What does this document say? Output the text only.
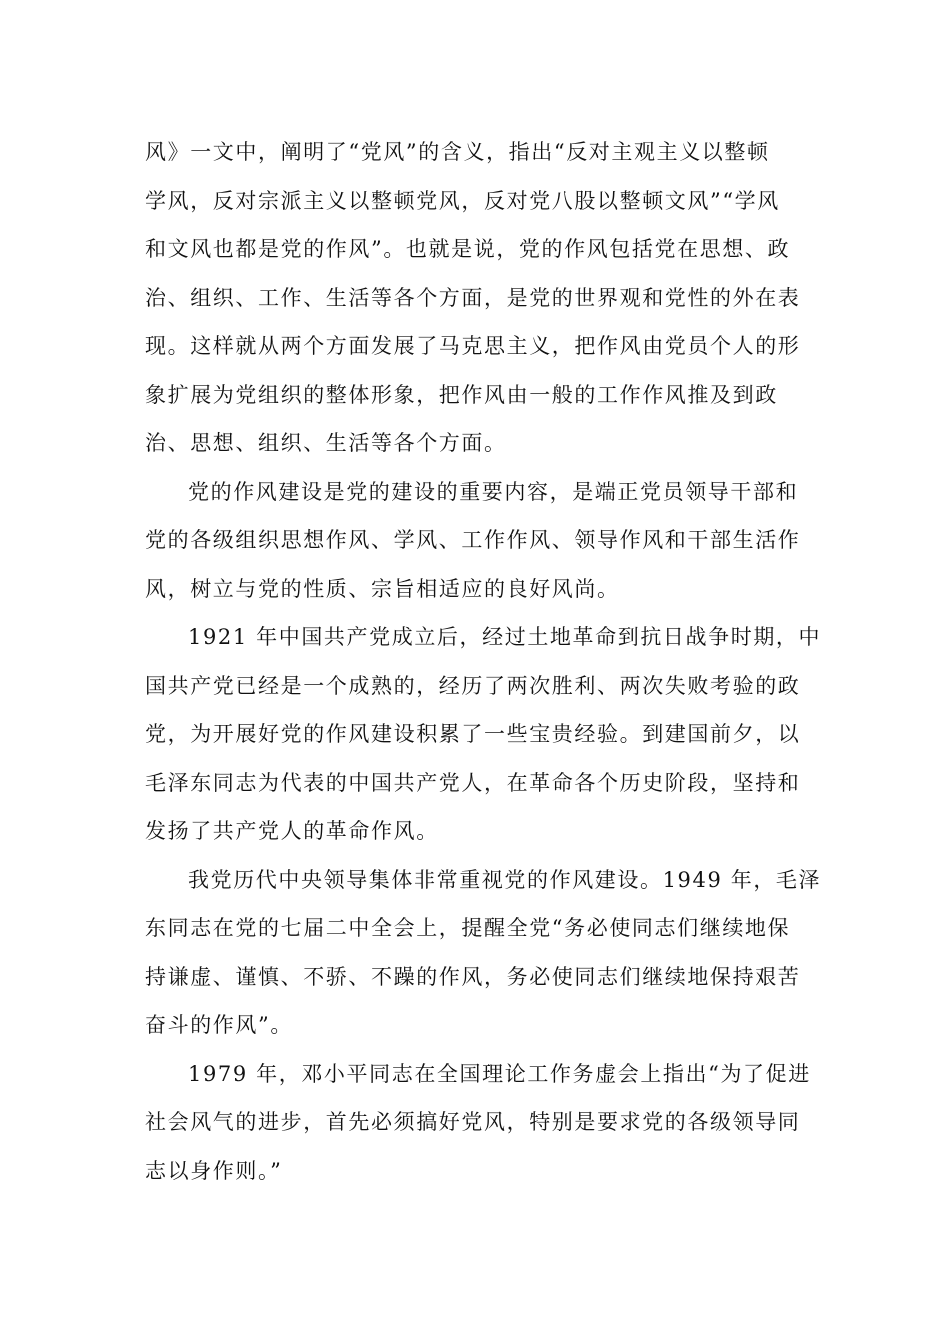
风》一文中，阐明了“党风”的含义，指出“反对主观主义以整顿
学风，反对宗派主义以整顿党风，反对党八股以整顿文风”“学风
和文风也都是党的作风”。也就是说，党的作风包括党在思想、政
治、组织、工作、生活等各个方面，是党的世界观和党性的外在表
现。这样就从两个方面发展了马克思主义，把作风由党员个人的形
象扩展为党组织的整体形象，把作风由一般的工作作风推及到政
治、思想、组织、生活等各个方面。
党的作风建设是党的建设的重要内容，是端正党员领导干部和
党的各级组织思想作风、学风、工作作风、领导作风和干部生活作
风，树立与党的性质、宗旨相适应的良好风尚。
1921 年中国共产党成立后，经过土地革命到抗日战争时期，中
国共产党已经是一个成熟的，经历了两次胜利、两次失败考验的政
党，为开展好党的作风建设积累了一些宝贵经验。到建国前夕，以
毛泽东同志为代表的中国共产党人，在革命各个历史阶段，坚持和
发扬了共产党人的革命作风。
我党历代中央领导集体非常重视党的作风建设。1949 年，毛泽
东同志在党的七届二中全会上，提醒全党“务必使同志们继续地保
持谦虚、谨慎、不骄、不躁的作风，务必使同志们继续地保持艰苦
奋斗的作风”。
1979 年，邓小平同志在全国理论工作务虚会上指出“为了促进
社会风气的进步，首先必须搞好党风，特别是要求党的各级领导同
志以身作则。”
